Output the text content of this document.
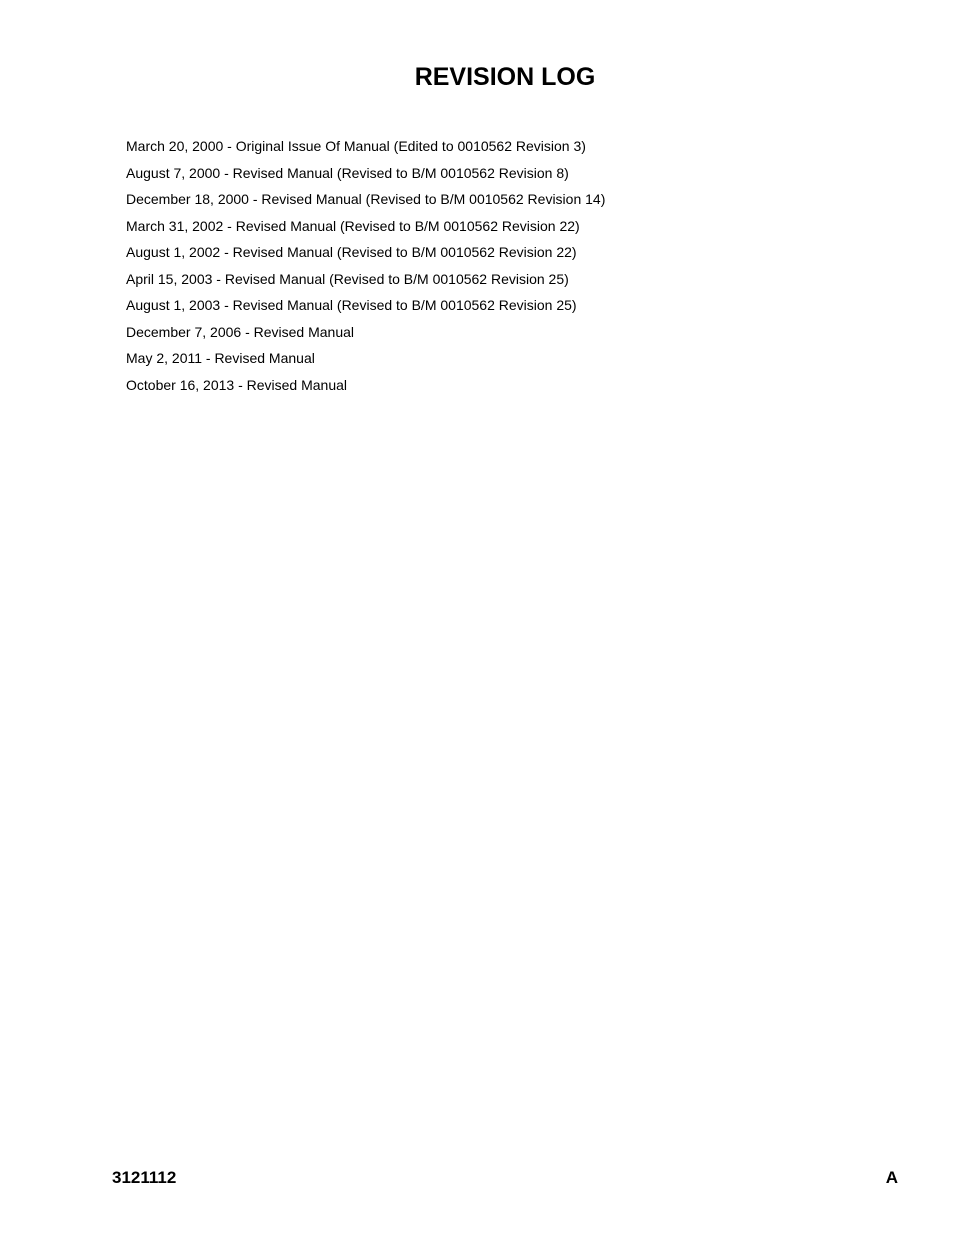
REVISION LOG
March 20, 2000 - Original Issue Of Manual (Edited to 0010562 Revision 3)
August 7, 2000 - Revised Manual (Revised to B/M 0010562 Revision 8)
December 18, 2000 - Revised Manual (Revised to B/M 0010562 Revision 14)
March 31, 2002 - Revised Manual (Revised to B/M 0010562 Revision 22)
August 1, 2002 - Revised Manual (Revised to B/M 0010562 Revision 22)
April 15, 2003 - Revised Manual (Revised to B/M 0010562 Revision 25)
August 1, 2003 - Revised Manual (Revised to B/M 0010562 Revision 25)
December 7, 2006 - Revised Manual
May 2, 2011 - Revised Manual
October 16, 2013 - Revised Manual
3121112	A
